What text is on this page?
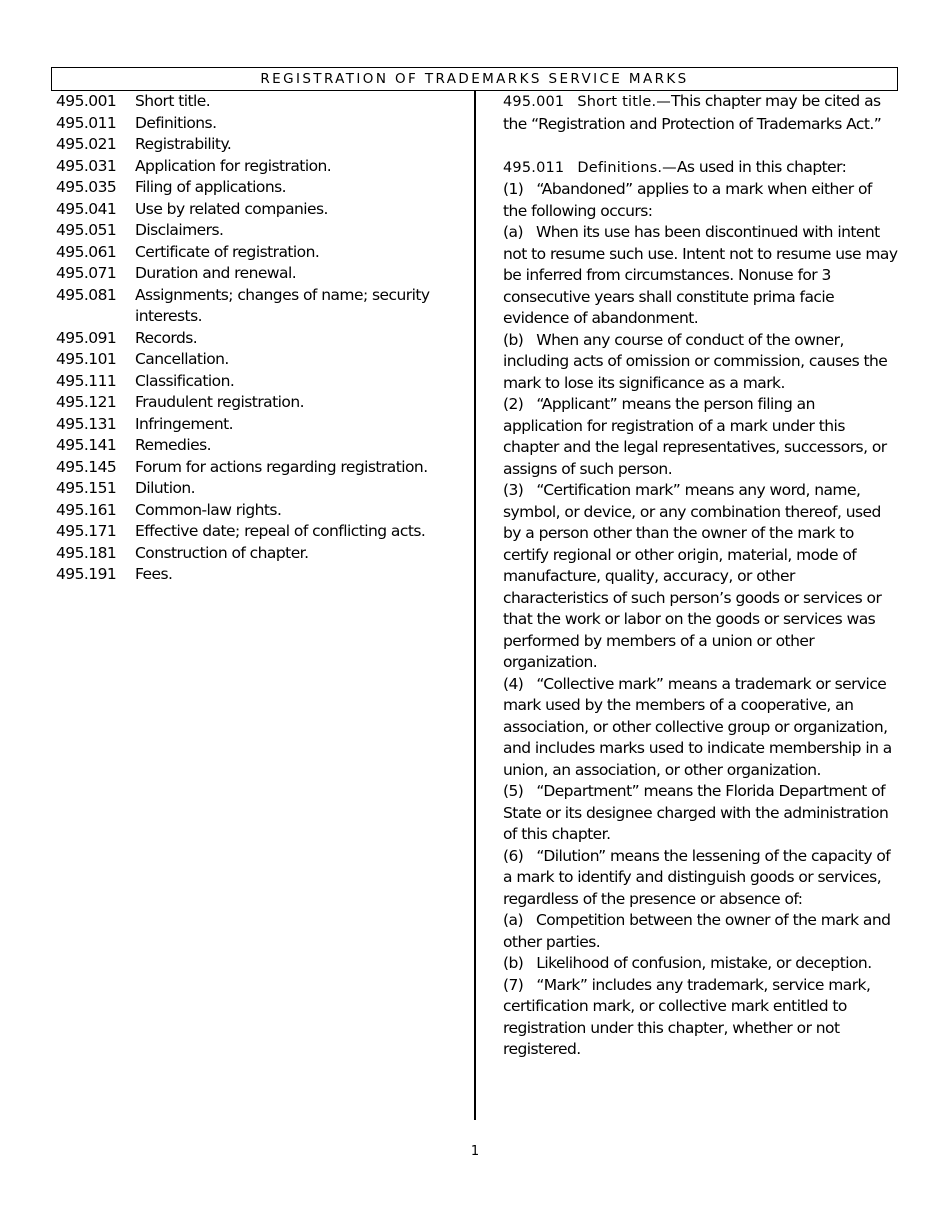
REGISTRATION OF TRADEMARKS SERVICE MARKS
495.001	Short title.
495.011	Definitions.
495.021	Registrability.
495.031	Application for registration.
495.035	Filing of applications.
495.041	Use by related companies.
495.051	Disclaimers.
495.061	Certificate of registration.
495.071	Duration and renewal.
495.081	Assignments; changes of name; security interests.
495.091	Records.
495.101	Cancellation.
495.111	Classification.
495.121	Fraudulent registration.
495.131	Infringement.
495.141	Remedies.
495.145	Forum for actions regarding registration.
495.151	Dilution.
495.161	Common-law rights.
495.171	Effective date; repeal of conflicting acts.
495.181	Construction of chapter.
495.191	Fees.

495.001 Short title.—This chapter may be cited as the “Registration and Protection of Trademarks Act.”

495.011 Definitions.—As used in this chapter:

(1) “Abandoned” applies to a mark when either of the following occurs:

(a) When its use has been discontinued with intent not to resume such use. Intent not to resume use may be inferred from circumstances. Nonuse for 3 consecutive years shall constitute prima facie evidence of abandonment.

(b) When any course of conduct of the owner, including acts of omission or commission, causes the mark to lose its significance as a mark.

(2) “Applicant” means the person filing an application for registration of a mark under this chapter and the legal representatives, successors, or assigns of such person.

(3) “Certification mark” means any word, name, symbol, or device, or any combination thereof, used by a person other than the owner of the mark to certify regional or other origin, material, mode of manufacture, quality, accuracy, or other characteristics of such person’s goods or services or that the work or labor on the goods or services was performed by members of a union or other organization.

(4) “Collective mark” means a trademark or service mark used by the members of a cooperative, an association, or other collective group or organization, and includes marks used to indicate membership in a union, an association, or other organization.

(5) “Department” means the Florida Department of State or its designee charged with the administration of this chapter.

(6) “Dilution” means the lessening of the capacity of a mark to identify and distinguish goods or services, regardless of the presence or absence of:

(a) Competition between the owner of the mark and other parties.

(b) Likelihood of confusion, mistake, or deception.

(7) “Mark” includes any trademark, service mark, certification mark, or collective mark entitled to registration under this chapter, whether or not registered.

1
